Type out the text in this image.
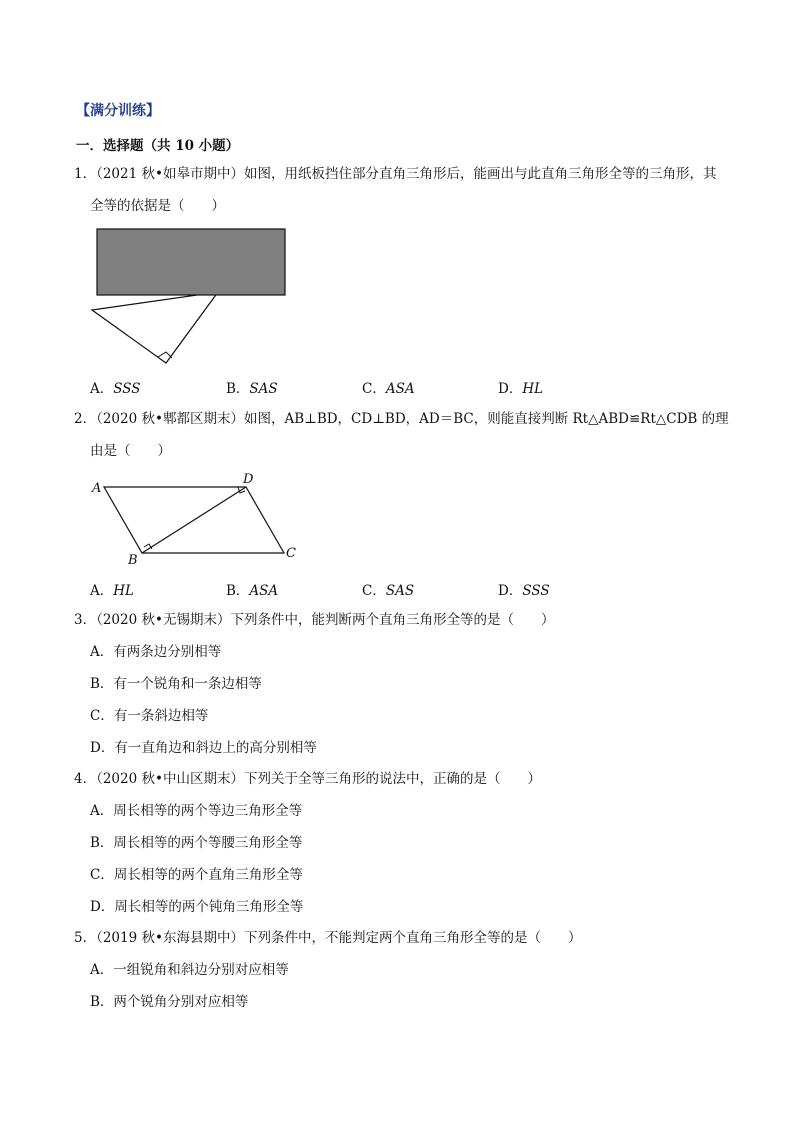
【满分训练】
一．选择题（共 10 小题）
1．（2021 秋•如皋市期中）如图，用纸板挡住部分直角三角形后，能画出与此直角三角形全等的三角形，其
全等的依据是（　　）
A．SSS	B．SAS	C．ASA	D．HL
2．（2020 秋•郫都区期末）如图，AB⊥BD，CD⊥BD，AD＝BC，则能直接判断 Rt△ABD≌Rt△CDB 的理
由是（　　）
A
D
B	C
A．HL	B．ASA	C．SAS	D．SSS
3．（2020 秋•无锡期末）下列条件中，能判断两个直角三角形全等的是（　　）
A．有两条边分别相等
B．有一个锐角和一条边相等
C．有一条斜边相等
D．有一直角边和斜边上的高分别相等
4．（2020 秋•中山区期末）下列关于全等三角形的说法中，正确的是（　　）
A．周长相等的两个等边三角形全等
B．周长相等的两个等腰三角形全等
C．周长相等的两个直角三角形全等
D．周长相等的两个钝角三角形全等
5．（2019 秋•东海县期中）下列条件中，不能判定两个直角三角形全等的是（　　）
A．一组锐角和斜边分别对应相等
B．两个锐角分别对应相等
